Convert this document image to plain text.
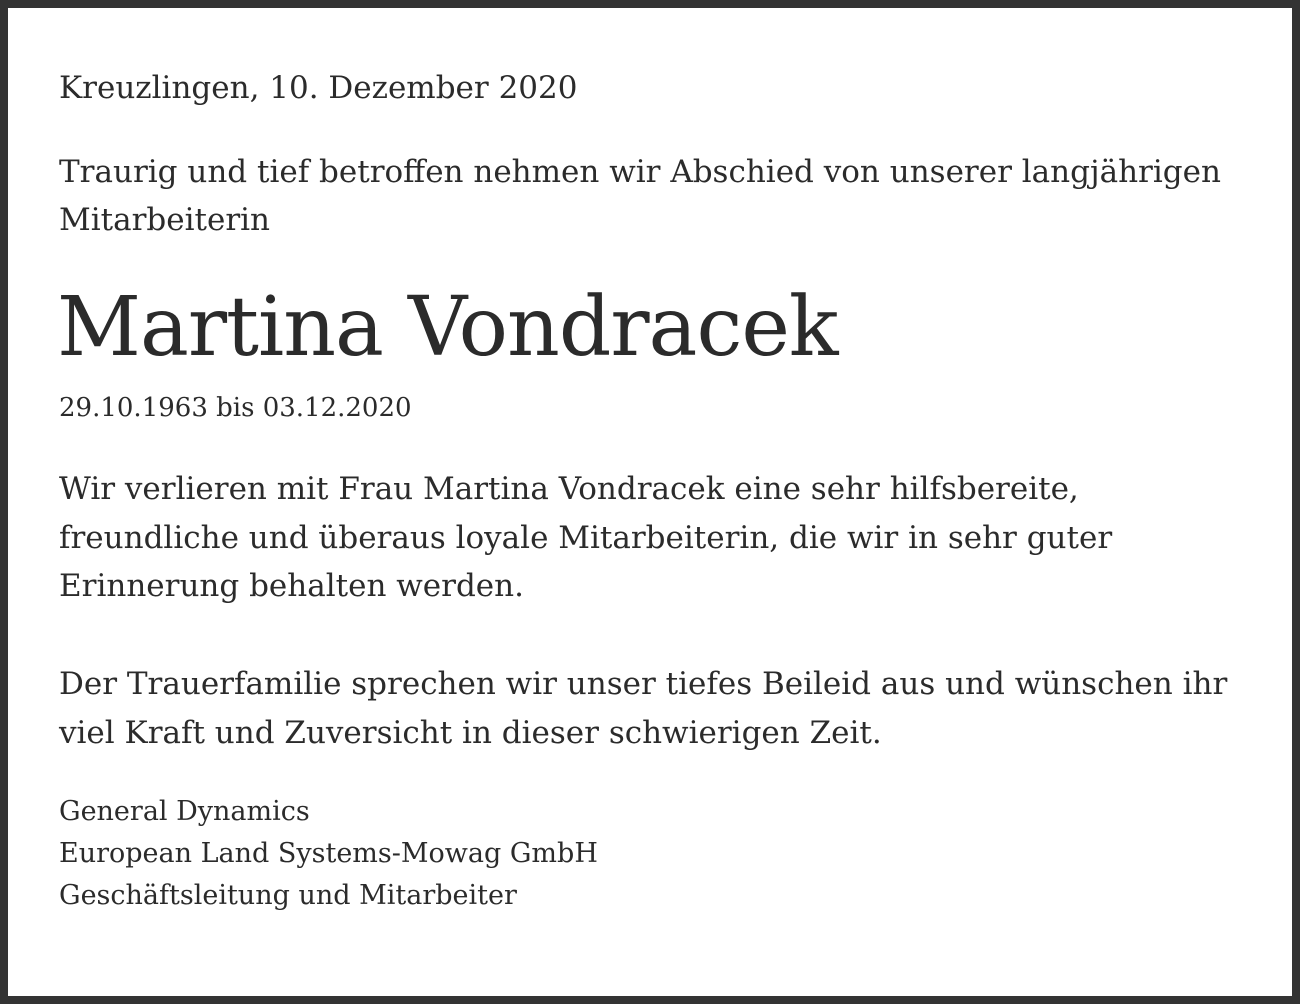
Kreuzlingen, 10. Dezember 2020

Traurig und tief betroffen nehmen wir Abschied von unserer langjährigen Mitarbeiterin

Martina Vondracek

29.10.1963 bis 03.12.2020

Wir verlieren mit Frau Martina Vondracek eine sehr hilfsbereite, freundliche und überaus loyale Mitarbeiterin, die wir in sehr guter Erinnerung behalten werden.

Der Trauerfamilie sprechen wir unser tiefes Beileid aus und wünschen ihr viel Kraft und Zuversicht in dieser schwierigen Zeit.

General Dynamics
European Land Systems-Mowag GmbH
Geschäftsleitung und Mitarbeiter
